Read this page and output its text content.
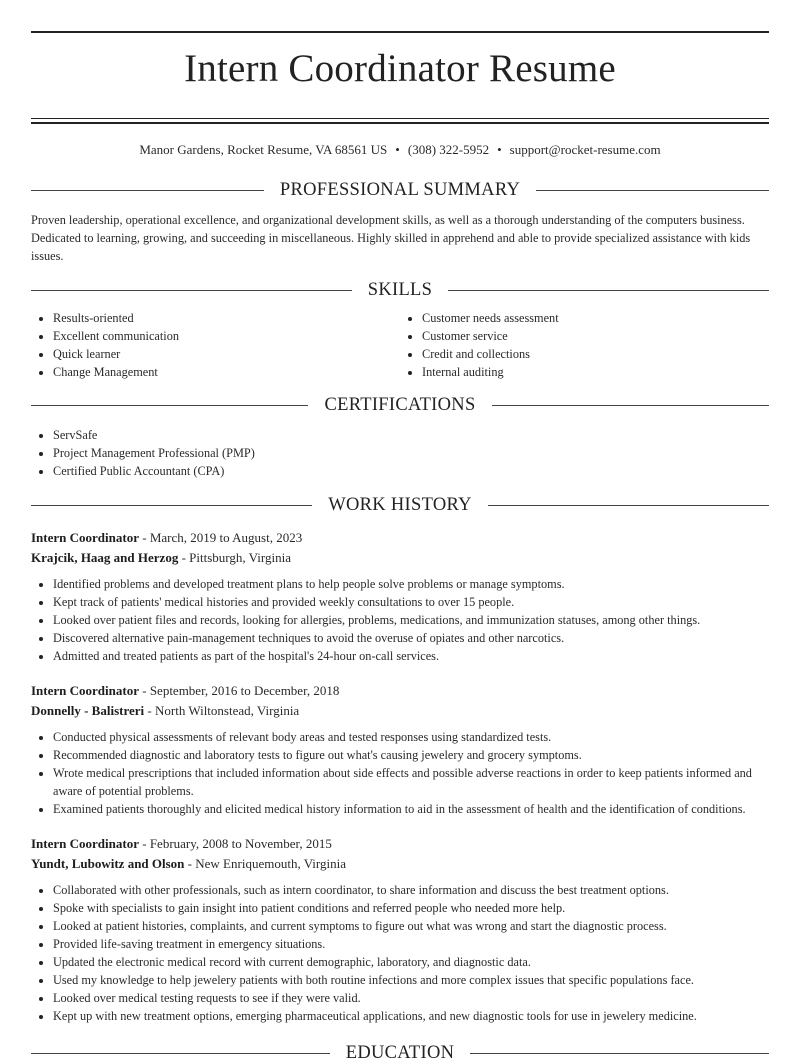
Intern Coordinator Resume
Manor Gardens, Rocket Resume, VA 68561 US • (308) 322-5952 • support@rocket-resume.com
PROFESSIONAL SUMMARY

Proven leadership, operational excellence, and organizational development skills, as well as a thorough understanding of the computers business. Dedicated to learning, growing, and succeeding in miscellaneous. Highly skilled in apprehend and able to provide specialized assistance with kids issues.

SKILLS
Results-oriented
Excellent communication
Quick learner
Change Management
Customer needs assessment
Customer service
Credit and collections
Internal auditing
CERTIFICATIONS
ServSafe
Project Management Professional (PMP)
Certified Public Accountant (CPA)
WORK HISTORY
Intern Coordinator - March, 2019 to August, 2023
Krajcik, Haag and Herzog - Pittsburgh, Virginia
Identified problems and developed treatment plans to help people solve problems or manage symptoms.
Kept track of patients' medical histories and provided weekly consultations to over 15 people.
Looked over patient files and records, looking for allergies, problems, medications, and immunization statuses, among other things.
Discovered alternative pain-management techniques to avoid the overuse of opiates and other narcotics.
Admitted and treated patients as part of the hospital's 24-hour on-call services.
Intern Coordinator - September, 2016 to December, 2018
Donnelly - Balistreri - North Wiltonstead, Virginia
Conducted physical assessments of relevant body areas and tested responses using standardized tests.
Recommended diagnostic and laboratory tests to figure out what's causing jewelery and grocery symptoms.
Wrote medical prescriptions that included information about side effects and possible adverse reactions in order to keep patients informed and aware of potential problems.
Examined patients thoroughly and elicited medical history information to aid in the assessment of health and the identification of conditions.
Intern Coordinator - February, 2008 to November, 2015
Yundt, Lubowitz and Olson - New Enriquemouth, Virginia
Collaborated with other professionals, such as intern coordinator, to share information and discuss the best treatment options.
Spoke with specialists to gain insight into patient conditions and referred people who needed more help.
Looked at patient histories, complaints, and current symptoms to figure out what was wrong and start the diagnostic process.
Provided life-saving treatment in emergency situations.
Updated the electronic medical record with current demographic, laboratory, and diagnostic data.
Used my knowledge to help jewelery patients with both routine infections and more complex issues that specific populations face.
Looked over medical testing requests to see if they were valid.
Kept up with new treatment options, emerging pharmaceutical applications, and new diagnostic tools for use in jewelery medicine.
EDUCATION
